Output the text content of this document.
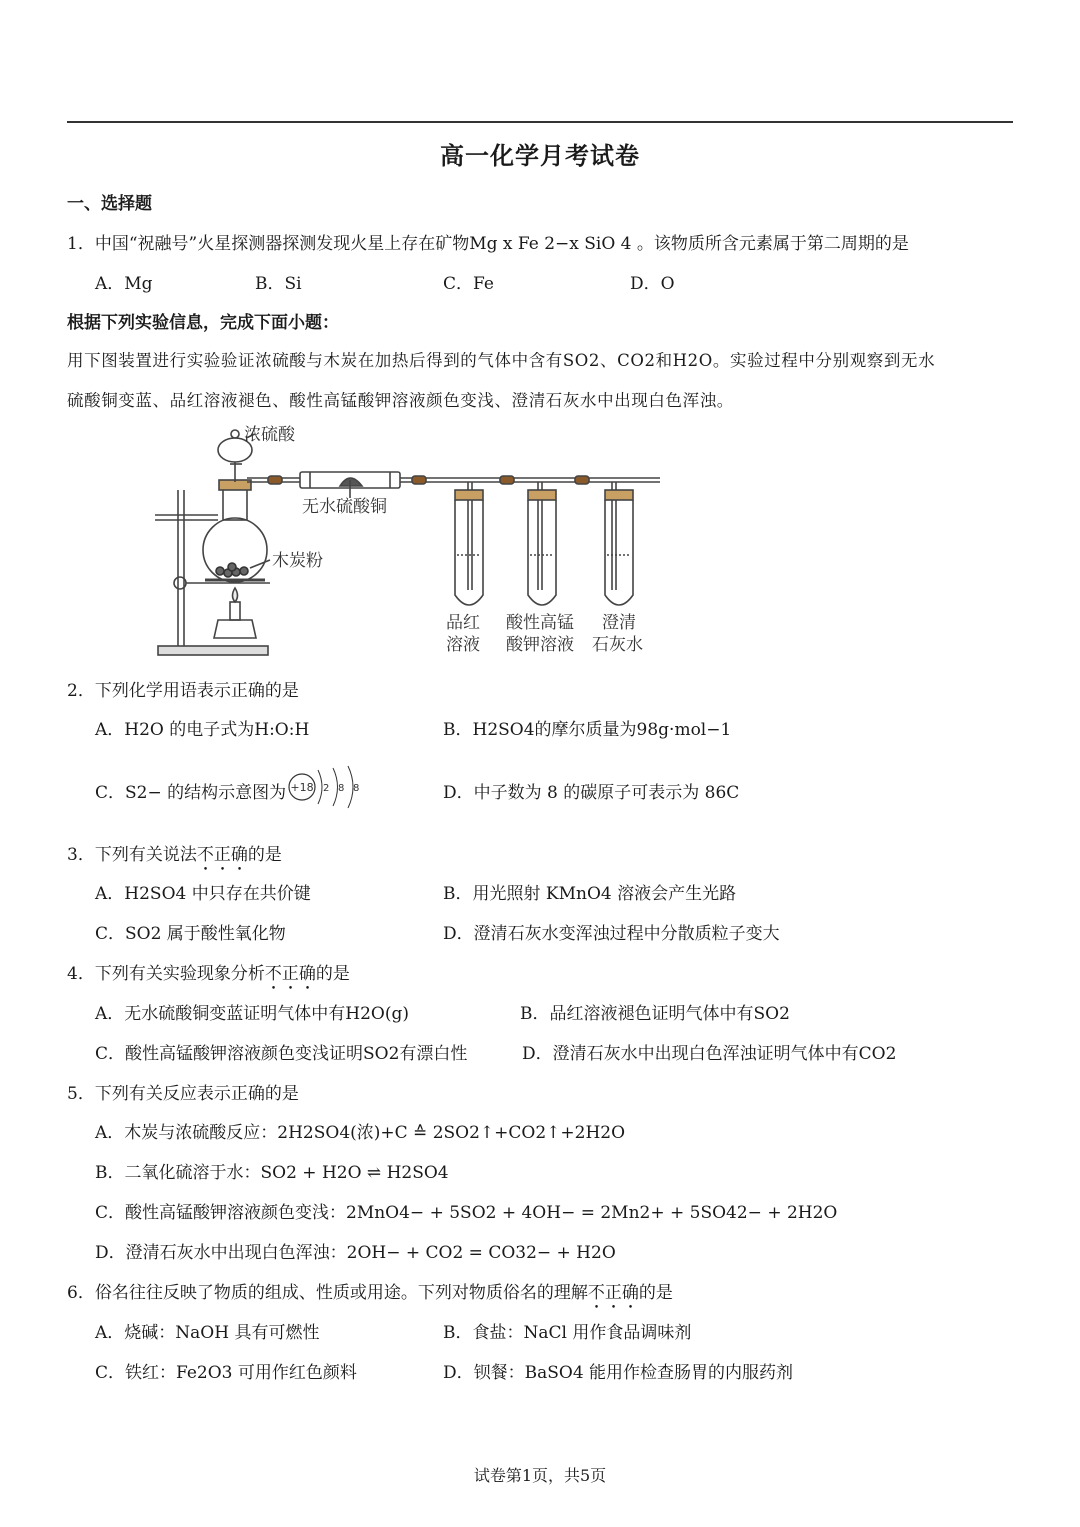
高一化学月考试卷
一、选择题
1．中国“祝融号”火星探测器探测发现火星上存在矿物Mg x Fe 2−x SiO 4 。该物质所含元素属于第二周期的是
A．Mg	B．Si	C．Fe	D．O
根据下列实验信息，完成下面小题：
用下图装置进行实验验证浓硫酸与木炭在加热后得到的气体中含有SO2、CO2和H2O。实验过程中分别观察到无水
硫酸铜变蓝、品红溶液褪色、酸性高锰酸钾溶液颜色变浅、澄清石灰水中出现白色浑浊。
浓硫酸
无水硫酸铜
木炭粉
品红
溶液
酸性高锰
酸钾溶液
澄清
石灰水
2．下列化学用语表示正确的是
A．H2O 的电子式为H:O:H	B．H2SO4的摩尔质量为98g·mol−1
C．S2− 的结构示意图为 +18 2 8 8	D．中子数为 8 的碳原子可表示为 86C
3．下列有关说法不正确的是
A．H2SO4 中只存在共价键	B．用光照射 KMnO4 溶液会产生光路
C．SO2 属于酸性氧化物	D．澄清石灰水变浑浊过程中分散质粒子变大
4．下列有关实验现象分析不正确的是
A．无水硫酸铜变蓝证明气体中有H2O(g)	B．品红溶液褪色证明气体中有SO2
C．酸性高锰酸钾溶液颜色变浅证明SO2有漂白性	D．澄清石灰水中出现白色浑浊证明气体中有CO2
5．下列有关反应表示正确的是
A．木炭与浓硫酸反应：2H2SO4(浓)+C ≙ 2SO2↑+CO2↑+2H2O
B．二氧化硫溶于水：SO2 + H2O ⇌ H2SO4
C．酸性高锰酸钾溶液颜色变浅：2MnO4− + 5SO2 + 4OH− = 2Mn2+ + 5SO42− + 2H2O
D．澄清石灰水中出现白色浑浊：2OH− + CO2 = CO32− + H2O
6．俗名往往反映了物质的组成、性质或用途。下列对物质俗名的理解不正确的是
A．烧碱：NaOH 具有可燃性	B．食盐：NaCl 用作食品调味剂
C．铁红：Fe2O3 可用作红色颜料	D．钡餐：BaSO4 能用作检查肠胃的内服药剂
试卷第1页，共5页
